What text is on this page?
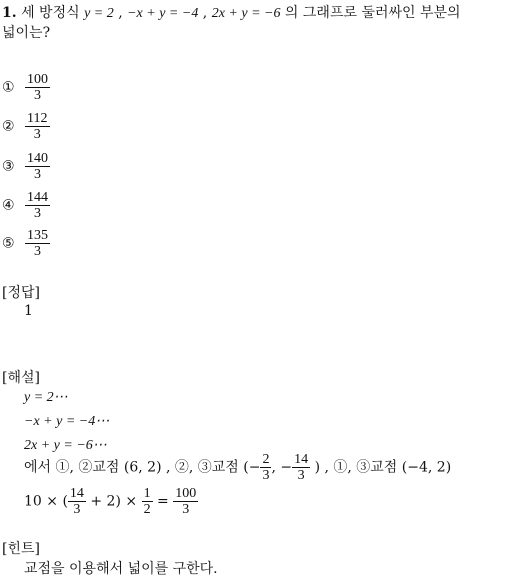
1. 세 방정식 y = 2 , −x + y = −4 , 2x + y = −6 의 그래프로 둘러싸인 부분의
넓이는?
① $\frac{100}{3}$
② $\frac{112}{3}$
③ $\frac{140}{3}$
④ $\frac{144}{3}$
⑤ $\frac{135}{3}$
[정답]
1
[해설]
y = 2⋯
−x + y = −4⋯
2x + y = −6⋯
에서 ①, ②교점 (6, 2) , ②, ③교점 (− $\frac{2}{3}$ , − $\frac{14}{3}$ ) , ①, ③교점 (−4, 2)
10 × ( $\frac{14}{3} + 2) \times \frac{1}{2} = \frac{100}{3}$
[힌트]
교점을 이용해서 넓이를 구한다.
